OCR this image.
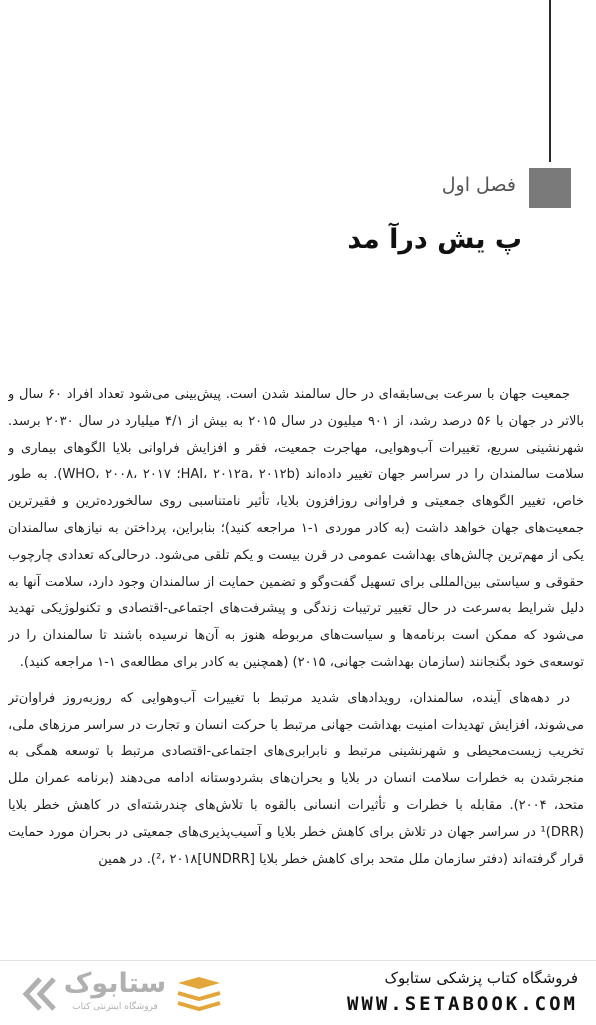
فصل اول
پ یش درآ مد

جمعیت جهان با سرعت بی‌سابقه‌ای در حال سالمند شدن است. پیش‌بینی می‌شود تعداد افراد ۶۰ سال و بالاتر در جهان با ۵۶ درصد رشد، از ۹۰۱ میلیون در سال ۲۰۱۵ به بیش از ۴/۱ میلیارد در سال ۲۰۳۰ برسد. شهرنشینی سریع، تغییرات آب‌وهوایی، مهاجرت جمعیت، فقر و افزایش فراوانی بلایا الگوهای بیماری و سلامت سالمندان را در سراسر جهان تغییر داده‌اند (HAI، ۲۰۱۲a، ۲۰۱۲b؛ WHO، ۲۰۰۸، ۲۰۱۷). به طور خاص، تغییر الگوهای جمعیتی و فراوانی روزافزون بلایا، تأثیر نامتناسبی روی سالخورده‌ترین و فقیرترین جمعیت‌های جهان خواهد داشت (به کادر موردی ۱-۱ مراجعه کنید)؛ بنابراین، پرداختن به نیازهای سالمندان یکی از مهم‌ترین چالش‌های بهداشت عمومی در قرن بیست و یکم تلقی می‌شود. درحالی‌که تعدادی چارچوب حقوقی و سیاستی بین‌المللی برای تسهیل گفت‌وگو و تضمین حمایت از سالمندان وجود دارد، سلامت آنها به دلیل شرایط به‌سرعت در حال تغییر ترتیبات زندگی و پیشرفت‌های اجتماعی-اقتصادی و تکنولوژیکی تهدید می‌شود که ممکن است برنامه‌ها و سیاست‌های مربوطه هنوز به آن‌ها نرسیده باشند تا سالمندان را در توسعه‌ی خود بگنجانند (سازمان بهداشت جهانی، ۲۰۱۵) (همچنین به کادر برای مطالعه‌ی ۱-۱ مراجعه کنید).

در دهه‌های آینده، سالمندان، رویدادهای شدید مرتبط با تغییرات آب‌وهوایی که روزبه‌روز فراوان‌تر می‌شوند، افزایش تهدیدات امنیت بهداشت جهانی مرتبط با حرکت انسان و تجارت در سراسر مرزهای ملی، تخریب زیست‌محیطی و شهرنشینی مرتبط و نابرابری‌های اجتماعی-اقتصادی مرتبط با توسعه همگی به منجرشدن به خطرات سلامت انسان در بلایا و بحران‌های بشردوستانه ادامه می‌دهند (برنامه عمران ملل متحد، ۲۰۰۴). مقابله با خطرات و تأثیرات انسانی بالقوه با تلاش‌های چندرشته‌ای در کاهش خطر بلایا (DRR)¹ در سراسر جهان در تلاش برای کاهش خطر بلایا و آسیب‌پذیری‌های جمعیتی در بحران مورد حمایت قرار گرفته‌اند (دفتر سازمان ملل متحد برای کاهش خطر بلایا [UNDRR]²، ۲۰۱۸). در همین

ستابوک
فروشگاه اینترنتی کتاب
فروشگاه کتاب پزشکی ستابوک
WWW.SETABOOK.COM
